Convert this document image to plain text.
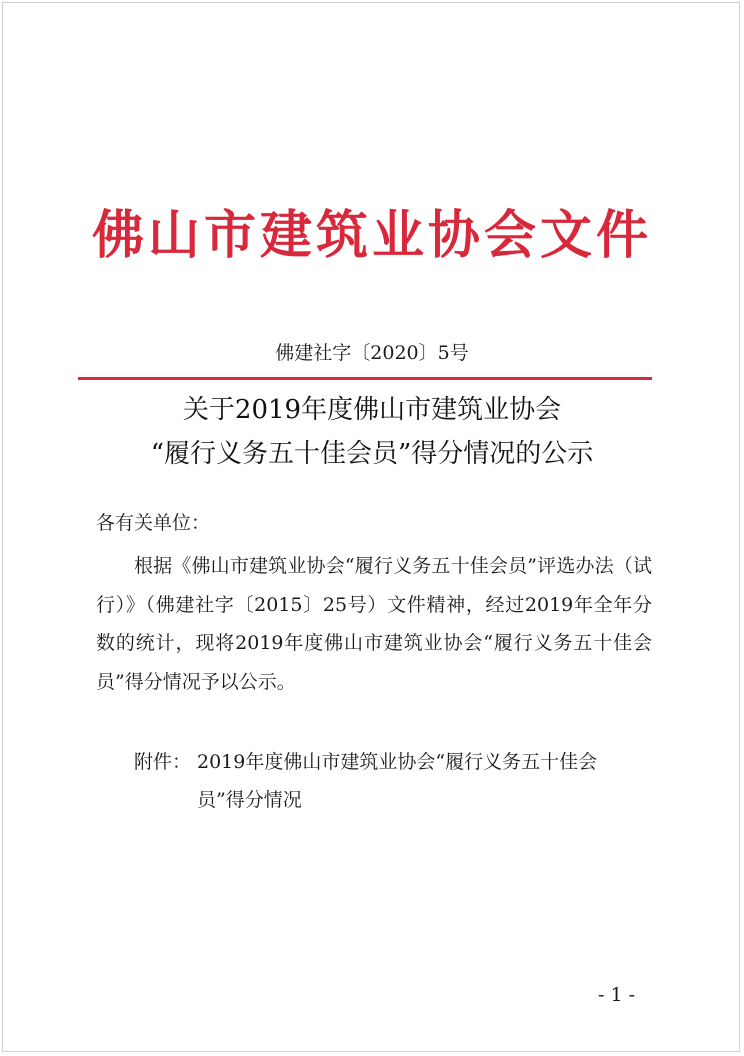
佛山市建筑业协会文件
佛建社字〔2020〕5号
关于2019年度佛山市建筑业协会
“履行义务五十佳会员”得分情况的公示
各有关单位：

根据《佛山市建筑业协会“履行义务五十佳会员”评选办法（试行）》（佛建社字〔2015〕25号）文件精神，经过2019年全年分数的统计，现将2019年度佛山市建筑业协会“履行义务五十佳会员”得分情况予以公示。

附件： 2019年度佛山市建筑业协会“履行义务五十佳会员”得分情况
- 1 -
